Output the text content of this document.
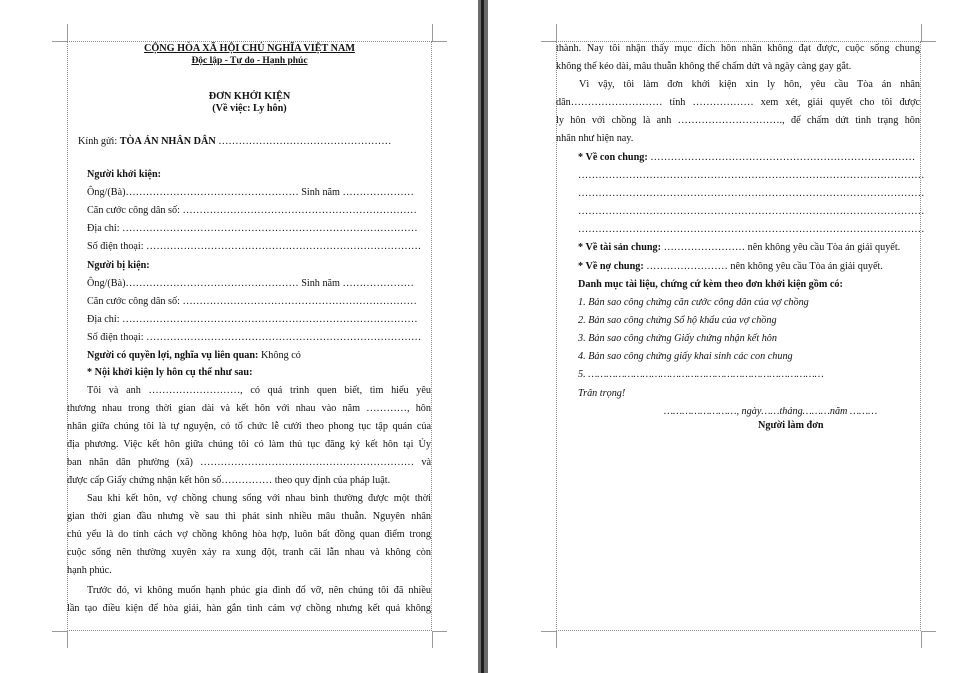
CỘNG HÒA XÃ HỘI CHỦ NGHĨA VIỆT NAM
Độc lập - Tự do - Hạnh phúc
ĐƠN KHỞI KIỆN
(Về việc: Ly hôn)
Kính gửi: TÒA ÁN NHÂN DÂN ……………………………………………
Người khởi kiện:
Ông/(Bà)…………………………………………… Sinh năm …………………
Căn cước công dân số: ……………………………………………………………
Địa chỉ: ……………………………………………………………………………
Số điện thoại: ………………………………………………………………………
Người bị kiện:
Ông/(Bà)…………………………………………… Sinh năm …………………
Căn cước công dân số: ……………………………………………………………
Địa chỉ: ……………………………………………………………………………
Số điện thoại: ………………………………………………………………………
Người có quyền lợi, nghĩa vụ liên quan: Không có
* Nội khởi kiện ly hôn cụ thể như sau:
Tôi và anh ………………………, có quá trình quen biết, tìm hiểu yêu
thương nhau trong thời gian dài và kết hôn với nhau vào năm …………, hôn
nhân giữa chúng tôi là tự nguyện, có tổ chức lễ cưới theo phong tục tập quán của
địa phương. Việc kết hôn giữa chúng tôi có làm thủ tục đăng ký kết hôn tại Ủy
ban nhân dân phường (xã) ……………………………………………………… và
được cấp Giấy chứng nhận kết hôn số…………… theo quy định của pháp luật.
Sau khi kết hôn, vợ chồng chung sống với nhau bình thường được một thời
gian thời gian đầu nhưng về sau thì phát sinh nhiều mâu thuẫn. Nguyên nhân
chủ yếu là do tính cách vợ chồng không hòa hợp, luôn bất đồng quan điểm trong
cuộc sống nên thường xuyên xảy ra xung đột, tranh cãi lẫn nhau và không còn
hạnh phúc.
Trước đó, vì không muốn hạnh phúc gia đình đổ vỡ, nên chúng tôi đã nhiều
lần tạo điều kiện để hòa giải, hàn gắn tình cảm vợ chồng nhưng kết quả không
thành. Nay tôi nhận thấy mục đích hôn nhân không đạt được, cuộc sống chung
không thể kéo dài, mâu thuẫn không thể chấm dứt và ngày càng gay gắt.
Vì vậy, tôi làm đơn khởi kiện xin ly hôn, yêu cầu Tòa án nhân
dân……………………… tỉnh ……………… xem xét, giải quyết cho tôi được
ly hôn với chồng là anh …………………………., để chấm dứt tình trạng hôn
nhân như hiện nay.
* Về con chung: ……………………………………………………………………
…………………………………………………………………………………………
…………………………………………………………………………………………
…………………………………………………………………………………………
…………………………………………………………………………………………
* Về tài sản chung: …………………… nên không yêu cầu Tòa án giải quyết.
* Về nợ chung: …………………… nên không yêu cầu Tòa án giải quyết.
Danh mục tài liệu, chứng cứ kèm theo đơn khởi kiện gồm có:
1. Bản sao công chứng căn cước công dân của vợ chồng
2. Bản sao công chứng Sổ hộ khẩu của vợ chồng
3. Bản sao công chứng Giấy chứng nhận kết hôn
4. Bản sao công chứng giấy khai sinh các con chung
5. ……………………………………………………………………
Trân trọng!
……………………, ngày……tháng………năm ………
Người làm đơn
